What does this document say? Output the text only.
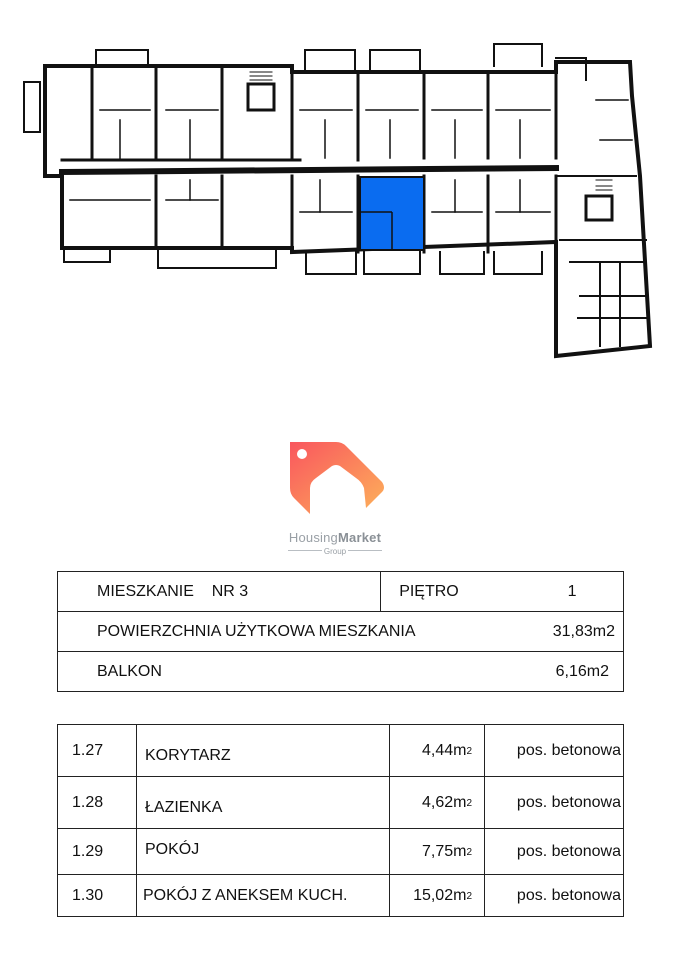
HousingMarket
Group
MIESZKANIE NR 3	PIĘTRO	1
POWIERZCHNIA UŻYTKOWA MIESZKANIA	31,83m2

BALKON	6,16m2
1.27	KORYTARZ	$4,44m^2$	pos. betonowa
1.28	ŁAZIENKA	$4,62m^2$	pos. betonowa
1.29	POKÓJ	$7,75m^2$	pos. betonowa
1.30	POKÓJ Z ANEKSEM KUCH.	$15,02m^2$	pos. betonowa
